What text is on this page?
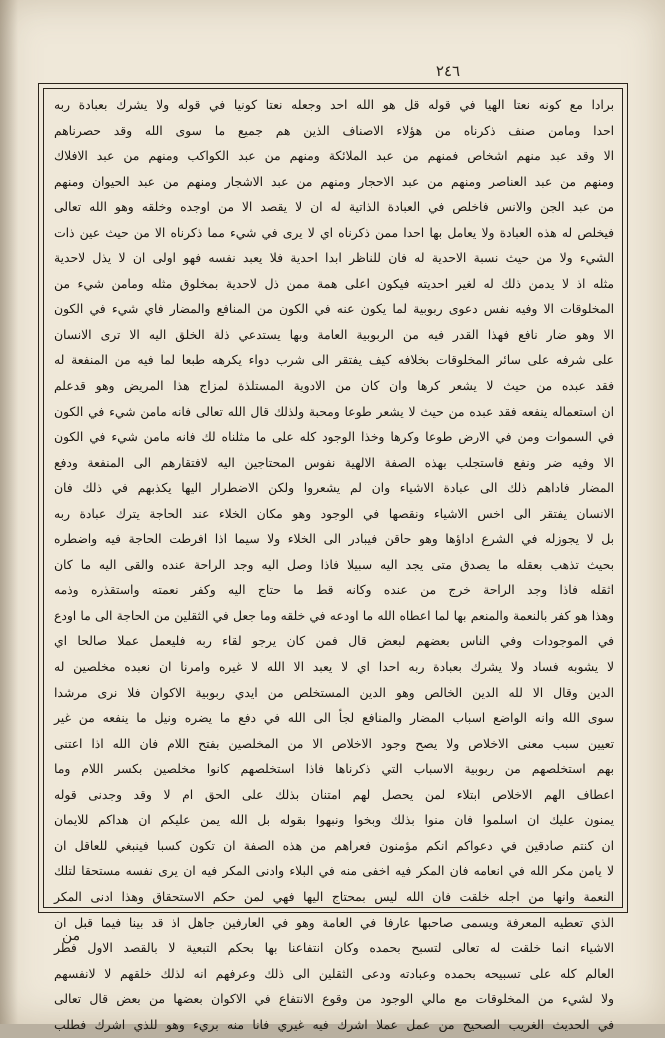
٢٤٦
برادا مع كونه نعتا الهيا في قوله قل هو الله احد وجعله نعتا كونيا في قوله ولا يشرك بعبادة ربه
احدا ومامن صنف ذكرناه من هؤلاء الاصناف الذين هم جميع ما سوى الله وقد حصرناهم
الا وقد عبد منهم اشخاص فمنهم من عبد الملائكة ومنهم من عبد الكواكب ومنهم من عبد الافلاك
ومنهم من عبد العناصر ومنهم من عبد الاحجار ومنهم من عبد الاشجار ومنهم من عبد الحيوان ومنهم
من عبد الجن والانس فاخلص في العبادة الذاتية له ان لا يقصد الا من اوجده وخلقه وهو الله تعالى
فيخلص له هذه العبادة ولا يعامل بها احدا ممن ذكرناه اي لا يرى في شيء مما ذكرناه الا من حيث عين ذات
الشيء ولا من حيث نسبة الاحدية له فان للناظر ابدا احدية فلا يعبد نفسه فهو اولى ان لا يذل لاحدية
مثله اذ لا يدمن ذلك له لغير احديته فيكون اعلى همة ممن ذل لاحدية بمخلوق مثله ومامن شيء من
المخلوقات الا وفيه نفس دعوى ربوبية لما يكون عنه في الكون من المنافع والمضار فاي شيء في الكون
الا وهو ضار نافع فهذا القدر فيه من الربوبية العامة وبها يستدعي ذلة الخلق اليه الا ترى الانسان
على شرفه على سائر المخلوقات بخلافه كيف يفتقر الى شرب دواء يكرهه طبعا لما فيه من المنفعة له
فقد عبده من حيث لا يشعر كرها وان كان من الادوية المستلذة لمزاج هذا المريض وهو قدعلم
ان استعماله ينفعه فقد عبده من حيث لا يشعر طوعا ومحبة ولذلك قال الله تعالى فانه مامن شيء في الكون
في السموات ومن في الارض طوعا وكرها وخذا الوجود كله على ما مثلناه لك فانه مامن شيء في الكون
الا وفيه ضر ونفع فاستجلب بهذه الصفة الالهية نفوس المحتاجين اليه لافتقارهم الى المنفعة ودفع
المضار فاداهم ذلك الى عبادة الاشياء وان لم يشعروا ولكن الاضطرار اليها يكذبهم في ذلك فان
الانسان يفتقر الى اخس الاشياء ونقصها في الوجود وهو مكان الخلاء عند الحاجة يترك عبادة ربه
بل لا يجوزله في الشرع اداؤها وهو حاقن فيبادر الى الخلاء ولا سيما اذا افرطت الحاجة فيه واضطره
بحيث تذهب بعقله ما يصدق متى يجد اليه سبيلا فاذا وصل اليه وجد الراحة عنده والقى اليه ما كان
اثقله فاذا وجد الراحة خرج من عنده وكانه قط ما حتاج اليه وكفر نعمته واستقذره وذمه
وهذا هو كفر بالنعمة والمنعم بها لما اعطاه الله ما اودعه في خلقه وما جعل في الثقلين من الحاجة الى ما اودع
في الموجودات وفي الناس بعضهم لبعض قال فمن كان يرجو لقاء ربه فليعمل عملا صالحا اي
لا يشوبه فساد ولا يشرك بعبادة ربه احدا اي لا يعبد الا الله لا غيره وامرنا ان نعبده مخلصين له
الدين وقال الا لله الدين الخالص وهو الدين المستخلص من ايدي ربوبية الاكوان فلا نرى مرشدا
سوى الله وانه الواضع اسباب المضار والمنافع لجأ الى الله في دفع ما يضره ونيل ما ينفعه من غير
تعيين سبب معنى الاخلاص ولا يصح وجود الاخلاص الا من المخلصين بفتح اللام فان الله اذا اعتنى
بهم استخلصهم من ربوبية الاسباب التي ذكرناها فاذا استخلصهم كانوا مخلصين بكسر اللام وما
اعطاف الهم الاخلاص ابتلاء لمن يحصل لهم امتنان بذلك على الحق ام لا وقد وجدنى قوله
يمنون عليك ان اسلموا فان منوا بذلك وبخوا ونبهوا بقوله بل الله يمن عليكم ان هداكم للايمان
ان كنتم صادقين في دعواكم انكم مؤمنون فعراهم من هذه الصفة ان تكون كسبا فينبغي للعاقل ان
لا يامن مكر الله في انعامه فان المكر فيه اخفى منه في البلاء وادنى المكر فيه ان يرى نفسه مستحقا لتلك
النعمة وانها من اجله خلقت فان الله ليس بمحتاج اليها فهي لمن حكم الاستحقاق وهذا ادنى المكر
الذي تعطيه المعرفة ويسمى صاحبها عارفا في العامة وهو في العارفين جاهل اذ قد بينا فيما قبل ان
الاشياء انما خلقت له تعالى لتسبح بحمده وكان انتفاعنا بها بحكم التبعية لا بالقصد الاول فطر
العالم كله على تسبيحه بحمده وعبادته ودعى الثقلين الى ذلك وعرفهم انه لذلك خلقهم لا لانفسهم
ولا لشيء من المخلوقات مع مالي الوجود من وقوع الانتفاع في الاكوان بعضها من بعض قال تعالى
في الحديث الغريب الصحيح من عمل عملا اشرك فيه غيري فانا منه بريء وهو للذي اشرك فطلب
من
